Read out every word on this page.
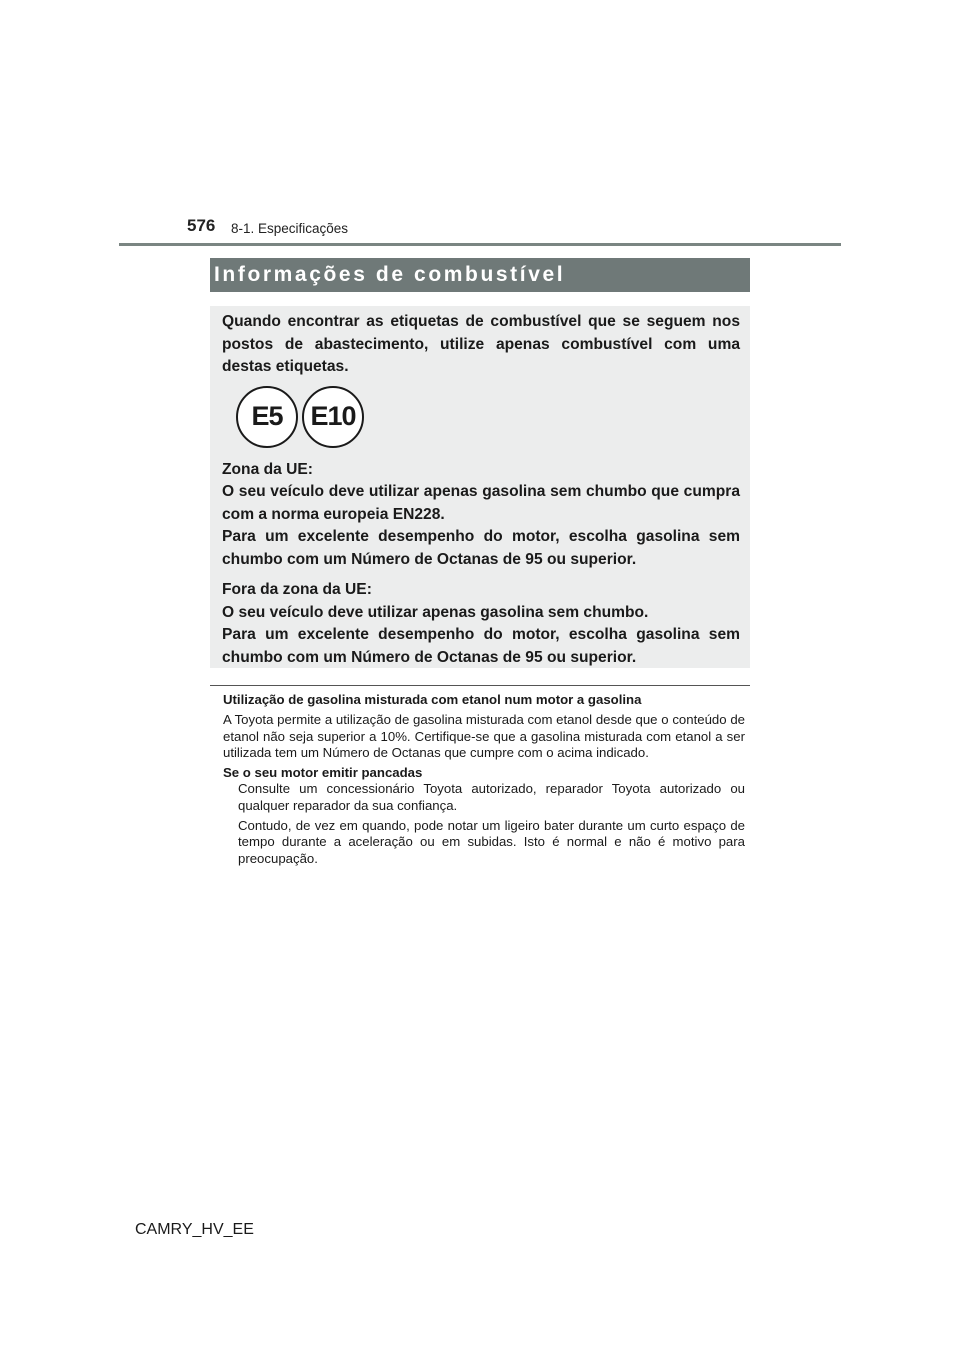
576 8-1. Especificações
Informações de combustível

Quando encontrar as etiquetas de combustível que se seguem nos postos de abastecimento, utilize apenas combustível com uma destas etiquetas.

E5	E10

Zona da UE:

O seu veículo deve utilizar apenas gasolina sem chumbo que cumpra com a norma europeia EN228.

Para um excelente desempenho do motor, escolha gasolina sem chumbo com um Número de Octanas de 95 ou superior.

Fora da zona da UE:

O seu veículo deve utilizar apenas gasolina sem chumbo.

Para um excelente desempenho do motor, escolha gasolina sem chumbo com um Número de Octanas de 95 ou superior.

Utilização de gasolina misturada com etanol num motor a gasolina

A Toyota permite a utilização de gasolina misturada com etanol desde que o conteúdo de etanol não seja superior a 10%. Certifique-se que a gasolina misturada com etanol a ser utilizada tem um Número de Octanas que cumpre com o acima indicado.

Se o seu motor emitir pancadas

Consulte um concessionário Toyota autorizado, reparador Toyota autorizado ou qualquer reparador da sua confiança.

Contudo, de vez em quando, pode notar um ligeiro bater durante um curto espaço de tempo durante a aceleração ou em subidas. Isto é normal e não é motivo para preocupação.

CAMRY_HV_EE
